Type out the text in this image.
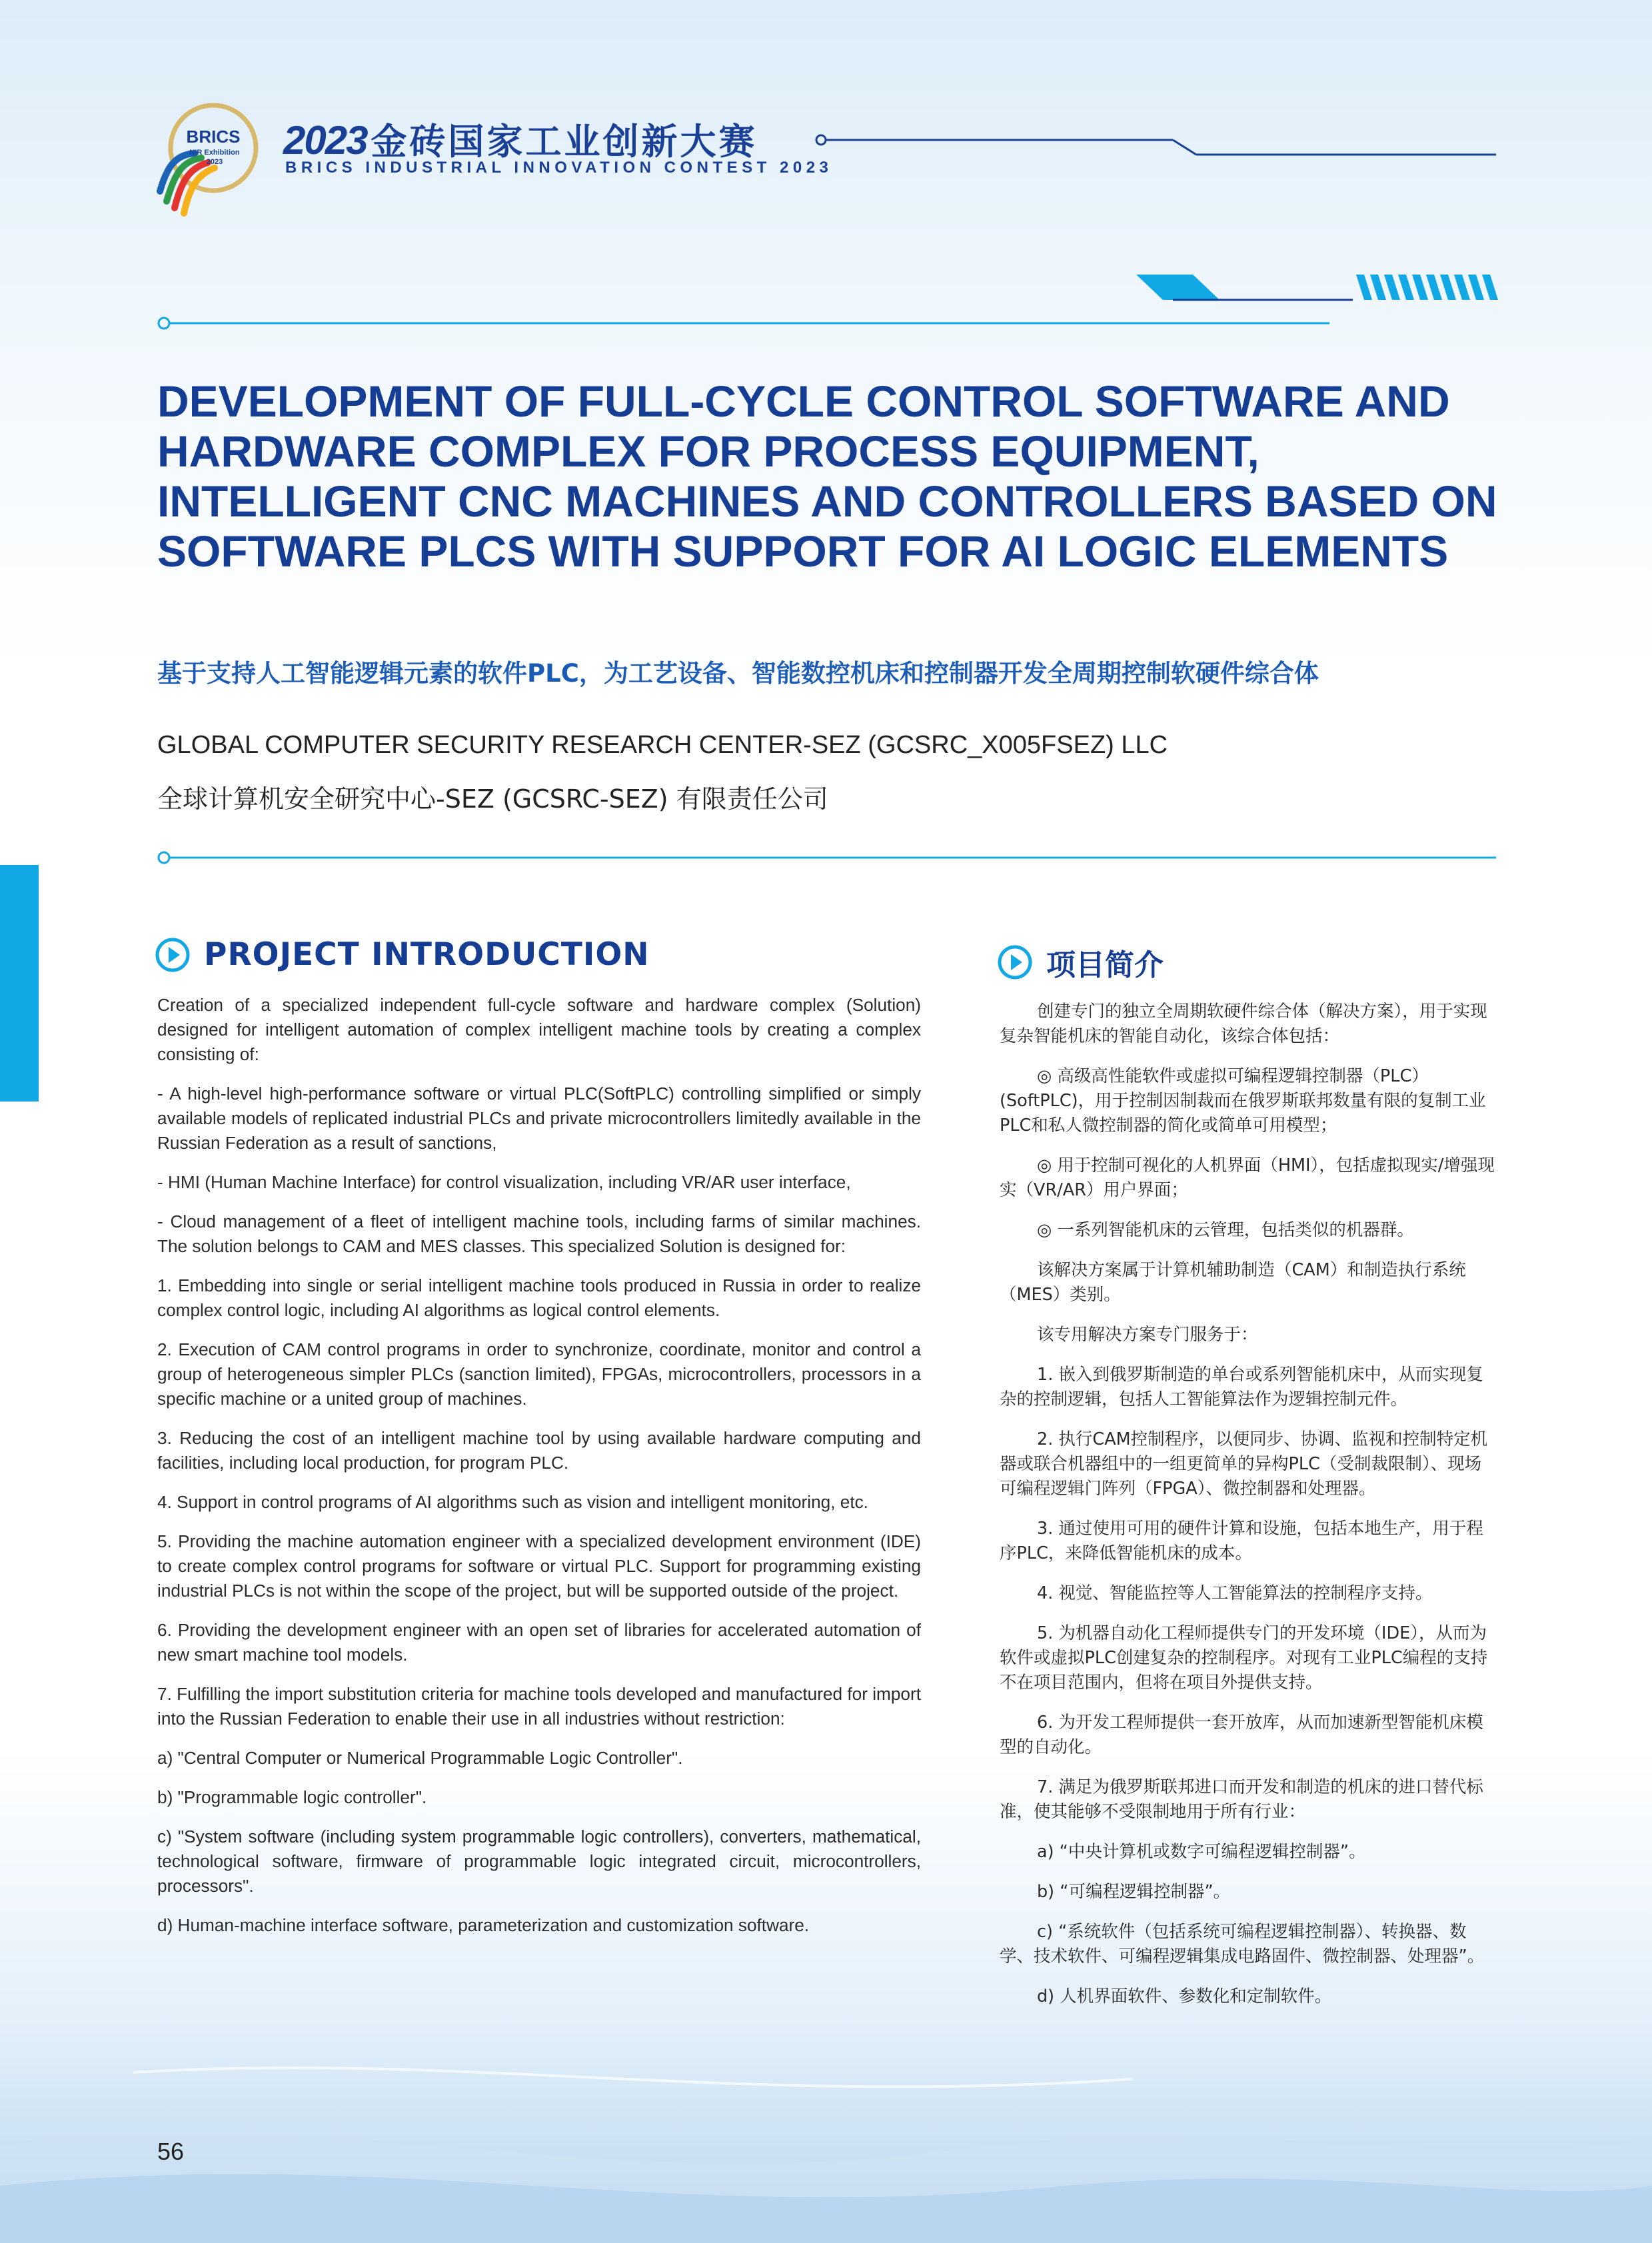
BRICS
NIR Exhibition
2023 2023 金砖国家工业创新大赛
BRICS INDUSTRIAL INNOVATION CONTEST 2023
DEVELOPMENT OF FULL-CYCLE CONTROL SOFTWARE AND HARDWARE COMPLEX FOR PROCESS EQUIPMENT, INTELLIGENT CNC MACHINES AND CONTROLLERS BASED ON SOFTWARE PLCS WITH SUPPORT FOR AI LOGIC ELEMENTS
基于支持人工智能逻辑元素的软件PLC，为工艺设备、智能数控机床和控制器开发全周期控制软硬件综合体
GLOBAL COMPUTER SECURITY RESEARCH CENTER-SEZ (GCSRC_X005FSEZ) LLC
全球计算机安全研究中心-SEZ (GCSRC-SEZ) 有限责任公司
PROJECT INTRODUCTION	项目简介

Creation of a specialized independent full-cycle software and hardware complex (Solution) designed for intelligent automation of complex intelligent machine tools by creating a complex consisting of:

- A high-level high-performance software or virtual PLC(SoftPLC) controlling simplified or simply available models of replicated industrial PLCs and private microcontrollers limitedly available in the Russian Federation as a result of sanctions,

- HMI (Human Machine Interface) for control visualization, including VR/AR user interface,

- Cloud management of a fleet of intelligent machine tools, including farms of similar machines. The solution belongs to CAM and MES classes. This specialized Solution is designed for:

1. Embedding into single or serial intelligent machine tools produced in Russia in order to realize complex control logic, including AI algorithms as logical control elements.

2. Execution of CAM control programs in order to synchronize, coordinate, monitor and control a group of heterogeneous simpler PLCs (sanction limited), FPGAs, microcontrollers, processors in a specific machine or a united group of machines.

3. Reducing the cost of an intelligent machine tool by using available hardware computing and facilities, including local production, for program PLC.

4. Support in control programs of AI algorithms such as vision and intelligent monitoring, etc.

5. Providing the machine automation engineer with a specialized development environment (IDE) to create complex control programs for software or virtual PLC. Support for programming existing industrial PLCs is not within the scope of the project, but will be supported outside of the project.

6. Providing the development engineer with an open set of libraries for accelerated automation of new smart machine tool models.

7. Fulfilling the import substitution criteria for machine tools developed and manufactured for import into the Russian Federation to enable their use in all industries without restriction:

a) "Central Computer or Numerical Programmable Logic Controller".

b) "Programmable logic controller".

c) "System software (including system programmable logic controllers), converters, mathematical, technological software, firmware of programmable logic integrated circuit, microcontrollers, processors".

d) Human-machine interface software, parameterization and customization software.

创建专门的独立全周期软硬件综合体（解决方案），用于实现复杂智能机床的智能自动化，该综合体包括：

◎ 高级高性能软件或虚拟可编程逻辑控制器（PLC）(SoftPLC)，用于控制因制裁而在俄罗斯联邦数量有限的复制工业PLC和私人微控制器的简化或简单可用模型；

◎ 用于控制可视化的人机界面（HMI），包括虚拟现实/增强现实（VR/AR）用户界面；

◎ 一系列智能机床的云管理，包括类似的机器群。

该解决方案属于计算机辅助制造（CAM）和制造执行系统（MES）类别。

该专用解决方案专门服务于：

1. 嵌入到俄罗斯制造的单台或系列智能机床中，从而实现复杂的控制逻辑，包括人工智能算法作为逻辑控制元件。

2. 执行CAM控制程序，以便同步、协调、监视和控制特定机器或联合机器组中的一组更简单的异构PLC（受制裁限制）、现场可编程逻辑门阵列（FPGA）、微控制器和处理器。

3. 通过使用可用的硬件计算和设施，包括本地生产，用于程序PLC，来降低智能机床的成本。

4. 视觉、智能监控等人工智能算法的控制程序支持。

5. 为机器自动化工程师提供专门的开发环境（IDE），从而为软件或虚拟PLC创建复杂的控制程序。对现有工业PLC编程的支持不在项目范围内，但将在项目外提供支持。

6. 为开发工程师提供一套开放库，从而加速新型智能机床模型的自动化。

7. 满足为俄罗斯联邦进口而开发和制造的机床的进口替代标准，使其能够不受限制地用于所有行业：

a) “中央计算机或数字可编程逻辑控制器”。

b) “可编程逻辑控制器”。

c) “系统软件（包括系统可编程逻辑控制器）、转换器、数学、技术软件、可编程逻辑集成电路固件、微控制器、处理器”。

d) 人机界面软件、参数化和定制软件。

56
